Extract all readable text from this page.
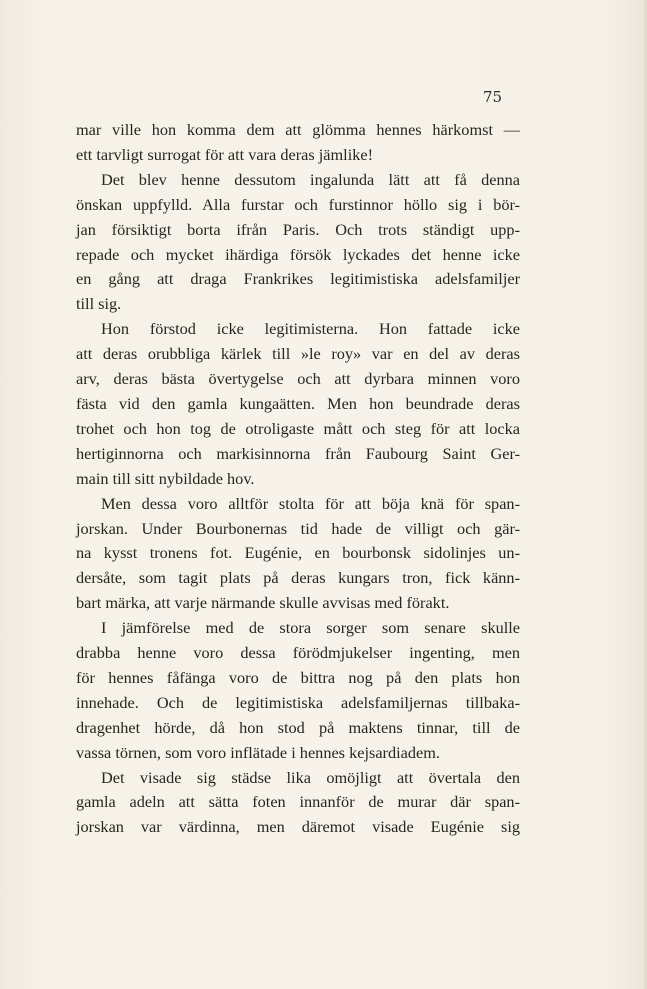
75
mar ville hon komma dem att glömma hennes härkomst —
ett tarvligt surrogat för att vara deras jämlike!
Det blev henne dessutom ingalunda lätt att få denna
önskan uppfylld. Alla furstar och furstinnor höllo sig i bör-
jan försiktigt borta ifrån Paris. Och trots ständigt upp-
repade och mycket ihärdiga försök lyckades det henne icke
en gång att draga Frankrikes legitimistiska adelsfamiljer
till sig.
Hon förstod icke legitimisterna. Hon fattade icke
att deras orubbliga kärlek till »le roy» var en del av deras
arv, deras bästa övertygelse och att dyrbara minnen voro
fästa vid den gamla kungaätten. Men hon beundrade deras
trohet och hon tog de otroligaste mått och steg för att locka
hertiginnorna och markisinnorna från Faubourg Saint Ger-
main till sitt nybildade hov.
Men dessa voro alltför stolta för att böja knä för span-
jorskan. Under Bourbonernas tid hade de villigt och gär-
na kysst tronens fot. Eugénie, en bourbonsk sidolinjes un-
dersåte, som tagit plats på deras kungars tron, fick känn-
bart märka, att varje närmande skulle avvisas med förakt.
I jämförelse med de stora sorger som senare skulle
drabba henne voro dessa förödmjukelser ingenting, men
för hennes fåfänga voro de bittra nog på den plats hon
innehade. Och de legitimistiska adelsfamiljernas tillbaka-
dragenhet hörde, då hon stod på maktens tinnar, till de
vassa törnen, som voro inflätade i hennes kejsardiadem.
Det visade sig städse lika omöjligt att övertala den
gamla adeln att sätta foten innanför de murar där span-
jorskan var värdinna, men däremot visade Eugénie sig
